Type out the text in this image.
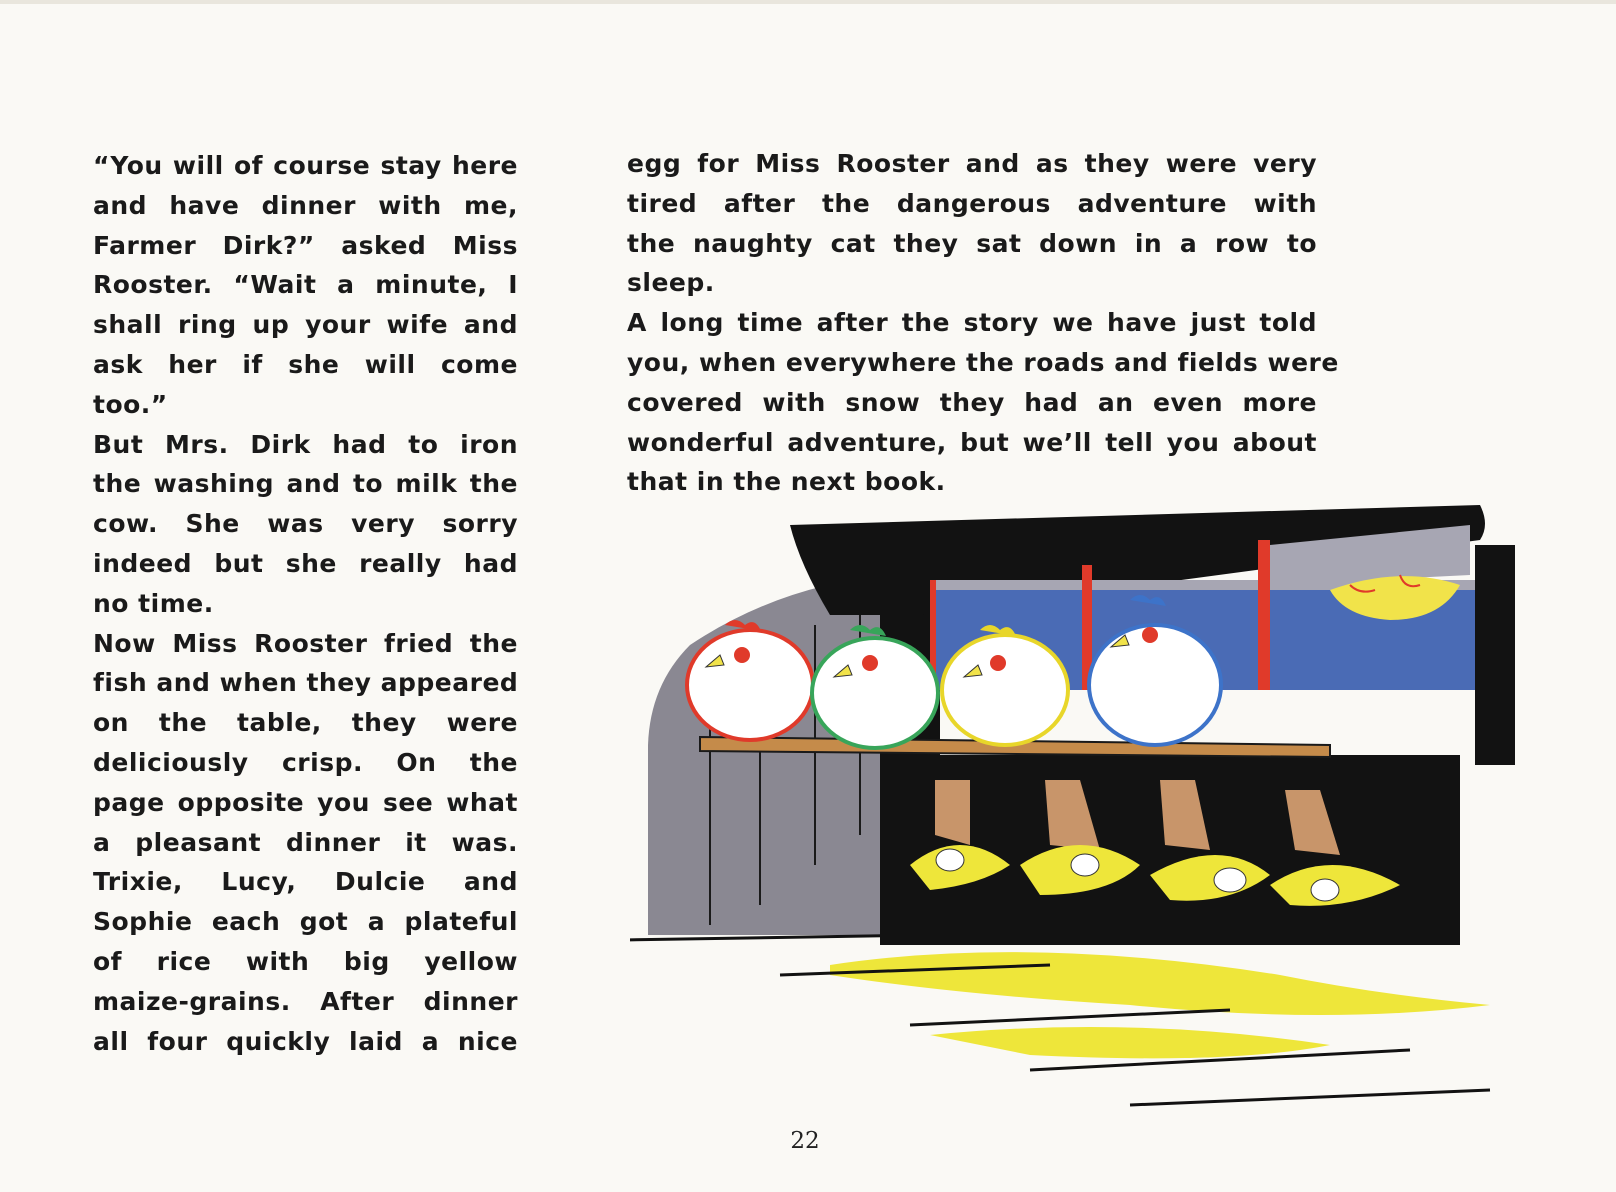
“You will of course stay here
and have dinner with me,
Farmer Dirk?” asked Miss
Rooster. “Wait a minute, I
shall ring up your wife and
ask her if she will come
too.”
But Mrs. Dirk had to iron
the washing and to milk the
cow. She was very sorry
indeed but she really had
no time.
Now Miss Rooster fried the
fish and when they appeared
on the table, they were
deliciously crisp. On the
page opposite you see what
a pleasant dinner it was.
Trixie, Lucy, Dulcie and
Sophie each got a plateful
of rice with big yellow
maize-grains. After dinner
all four quickly laid a nice
egg for Miss Rooster and as they were very
tired after the dangerous adventure with
the naughty cat they sat down in a row to
sleep.
A long time after the story we have just told
you, when everywhere the roads and fields were
covered with snow they had an even more
wonderful adventure, but we’ll tell you about
that in the next book.
22
